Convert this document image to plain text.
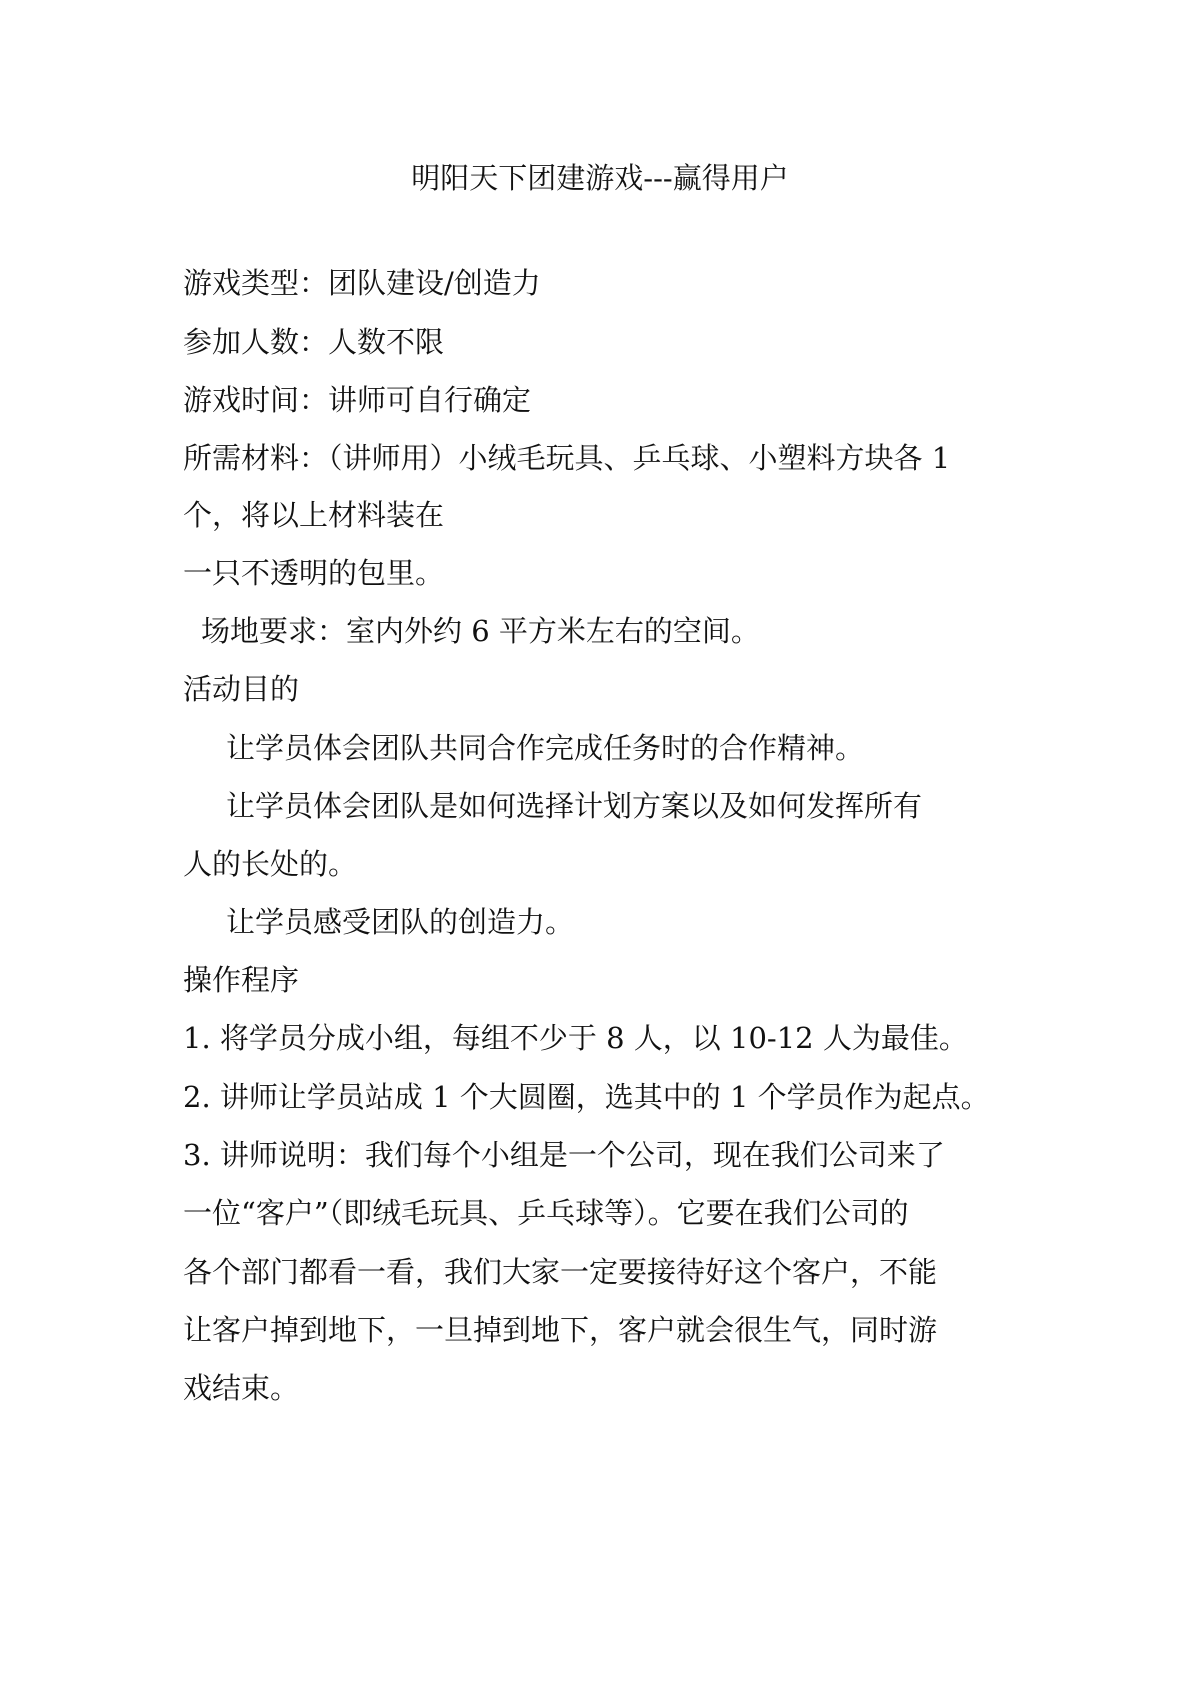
明阳天下团建游戏---赢得用户
游戏类型：团队建设/创造力
参加人数：人数不限
游戏时间：讲师可自行确定
所需材料：（讲师用）小绒毛玩具、乒乓球、小塑料方块各 1
个，将以上材料装在
一只不透明的包里。
场地要求：室内外约 6 平方米左右的空间。
活动目的
让学员体会团队共同合作完成任务时的合作精神。
让学员体会团队是如何选择计划方案以及如何发挥所有
人的长处的。
让学员感受团队的创造力。
操作程序
1. 将学员分成小组，每组不少于 8 人，以 10-12 人为最佳。
2. 讲师让学员站成 1 个大圆圈，选其中的 1 个学员作为起点。
3. 讲师说明：我们每个小组是一个公司，现在我们公司来了
一位“客户”（即绒毛玩具、乒乓球等）。它要在我们公司的
各个部门都看一看，我们大家一定要接待好这个客户，不能
让客户掉到地下，一旦掉到地下，客户就会很生气，同时游
戏结束。
